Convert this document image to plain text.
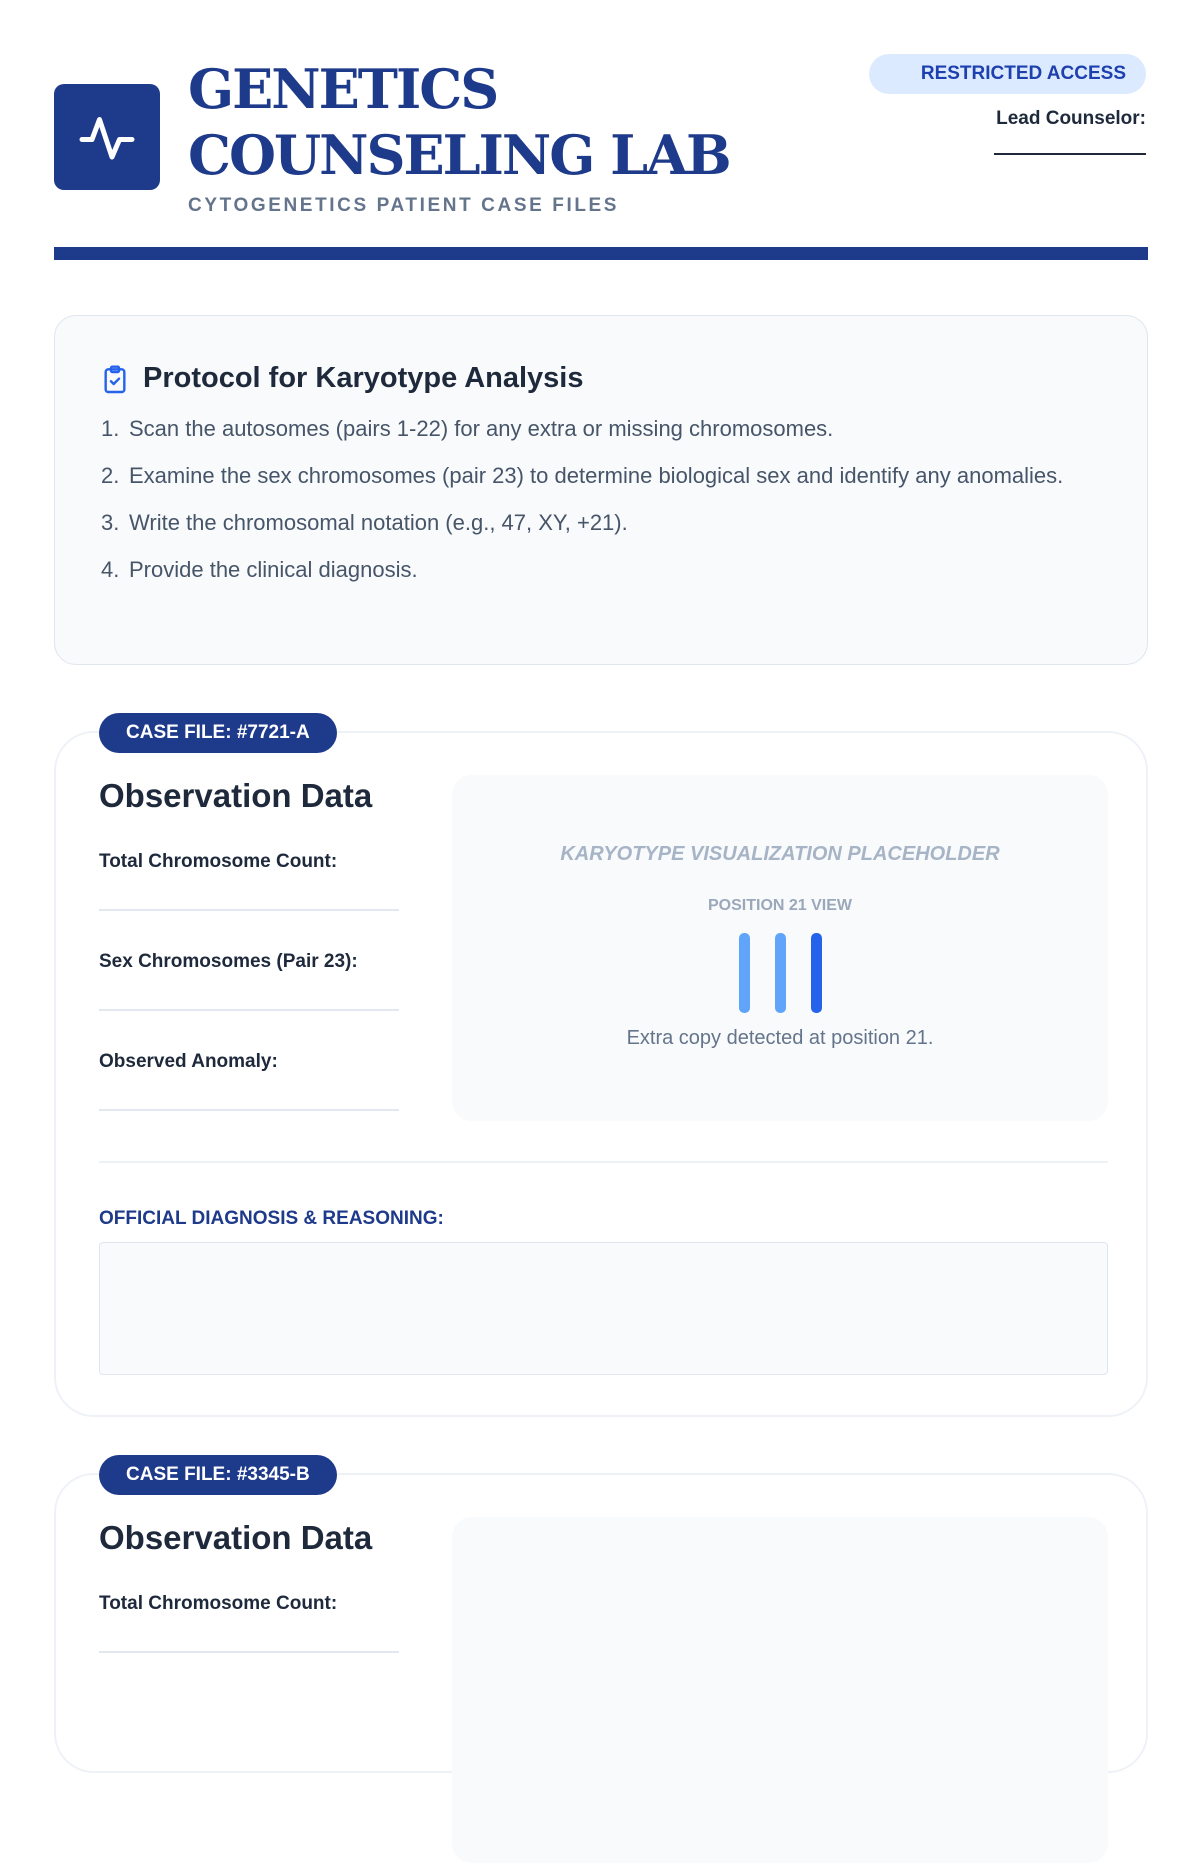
GENETICS COUNSELING LAB
CYTOGENETICS PATIENT CASE FILES
RESTRICTED ACCESS
Lead Counselor:
Protocol for Karyotype Analysis
1. Scan the autosomes (pairs 1-22) for any extra or missing chromosomes.
2. Examine the sex chromosomes (pair 23) to determine biological sex and identify any anomalies.
3. Write the chromosomal notation (e.g., 47, XY, +21).
4. Provide the clinical diagnosis.
CASE FILE: #7721-A
Observation Data
Total Chromosome Count:
Sex Chromosomes (Pair 23):
Observed Anomaly:
KARYOTYPE VISUALIZATION PLACEHOLDER
POSITION 21 VIEW
Extra copy detected at position 21.
OFFICIAL DIAGNOSIS & REASONING:
CASE FILE: #3345-B
Observation Data
Total Chromosome Count:
